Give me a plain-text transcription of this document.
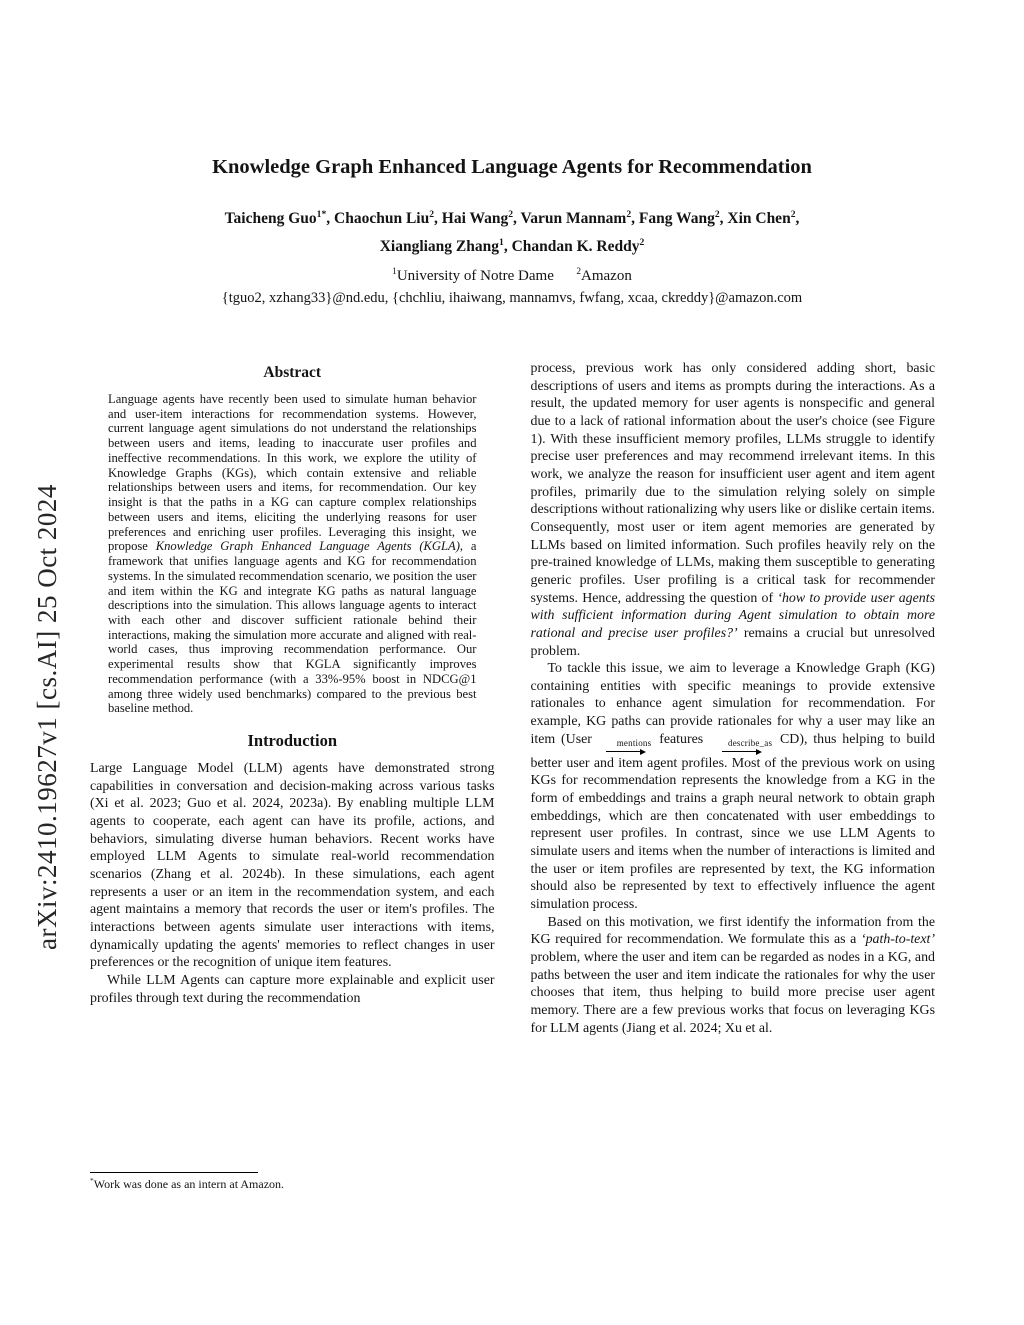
arXiv:2410.19627v1 [cs.AI] 25 Oct 2024
Knowledge Graph Enhanced Language Agents for Recommendation
Taicheng Guo$^{1*}$, Chaochun Liu$^2$, Hai Wang$^2$, Varun Mannam$^2$, Fang Wang$^2$, Xin Chen$^2$,
Xiangliang Zhang$^1$, Chandan K. Reddy$^2$
$^1$University of Notre Dame $^2$Amazon
{tguo2, xzhang33}@nd.edu, {chchliu, ihaiwang, mannamvs, fwfang, xcaa, ckreddy}@amazon.com
Abstract

Language agents have recently been used to simulate human behavior and user-item interactions for recommendation systems. However, current language agent simulations do not understand the relationships between users and items, leading to inaccurate user profiles and ineffective recommendations. In this work, we explore the utility of Knowledge Graphs (KGs), which contain extensive and reliable relationships between users and items, for recommendation. Our key insight is that the paths in a KG can capture complex relationships between users and items, eliciting the underlying reasons for user preferences and enriching user profiles. Leveraging this insight, we propose Knowledge Graph Enhanced Language Agents (KGLA), a framework that unifies language agents and KG for recommendation systems. In the simulated recommendation scenario, we position the user and item within the KG and integrate KG paths as natural language descriptions into the simulation. This allows language agents to interact with each other and discover sufficient rationale behind their interactions, making the simulation more accurate and aligned with real-world cases, thus improving recommendation performance. Our experimental results show that KGLA significantly improves recommendation performance (with a 33%-95% boost in NDCG@1 among three widely used benchmarks) compared to the previous best baseline method.

Introduction

Large Language Model (LLM) agents have demonstrated strong capabilities in conversation and decision-making across various tasks (Xi et al. 2023; Guo et al. 2024, 2023a). By enabling multiple LLM agents to cooperate, each agent can have its profile, actions, and behaviors, simulating diverse human behaviors. Recent works have employed LLM Agents to simulate real-world recommendation scenarios (Zhang et al. 2024b). In these simulations, each agent represents a user or an item in the recommendation system, and each agent maintains a memory that records the user or item's profiles. The interactions between agents simulate user interactions with items, dynamically updating the agents' memories to reflect changes in user preferences or the recognition of unique item features.

While LLM Agents can capture more explainable and explicit user profiles through text during the recommendation

*Work was done as an intern at Amazon.

process, previous work has only considered adding short, basic descriptions of users and items as prompts during the interactions. As a result, the updated memory for user agents is nonspecific and general due to a lack of rational information about the user's choice (see Figure 1). With these insufficient memory profiles, LLMs struggle to identify precise user preferences and may recommend irrelevant items. In this work, we analyze the reason for insufficient user agent and item agent profiles, primarily due to the simulation relying solely on simple descriptions without rationalizing why users like or dislike certain items. Consequently, most user or item agent memories are generated by LLMs based on limited information. Such profiles heavily rely on the pre-trained knowledge of LLMs, making them susceptible to generating generic profiles. User profiling is a critical task for recommender systems. Hence, addressing the question of ‘how to provide user agents with sufficient information during Agent simulation to obtain more rational and precise user profiles?’ remains a crucial but unresolved problem.

To tackle this issue, we aim to leverage a Knowledge Graph (KG) containing entities with specific meanings to provide extensive rationales to enhance agent simulation for recommendation. For example, KG paths can provide rationales for why a user may like an item (User	mentions features	describe_as CD), thus helping to build better user and item agent profiles. Most of the previous work on using KGs for recommendation represents the knowledge from a KG in the form of embeddings and trains a graph neural network to obtain graph embeddings, which are then concatenated with user embeddings to represent user profiles. In contrast, since we use LLM Agents to simulate users and items when the number of interactions is limited and the user or item profiles are represented by text, the KG information should also be represented by text to effectively influence the agent simulation process.

Based on this motivation, we first identify the information from the KG required for recommendation. We formulate this as a ‘path-to-text’ problem, where the user and item can be regarded as nodes in a KG, and paths between the user and item indicate the rationales for why the user chooses that item, thus helping to build more precise user agent memory. There are a few previous works that focus on leveraging KGs for LLM agents (Jiang et al. 2024; Xu et al.
